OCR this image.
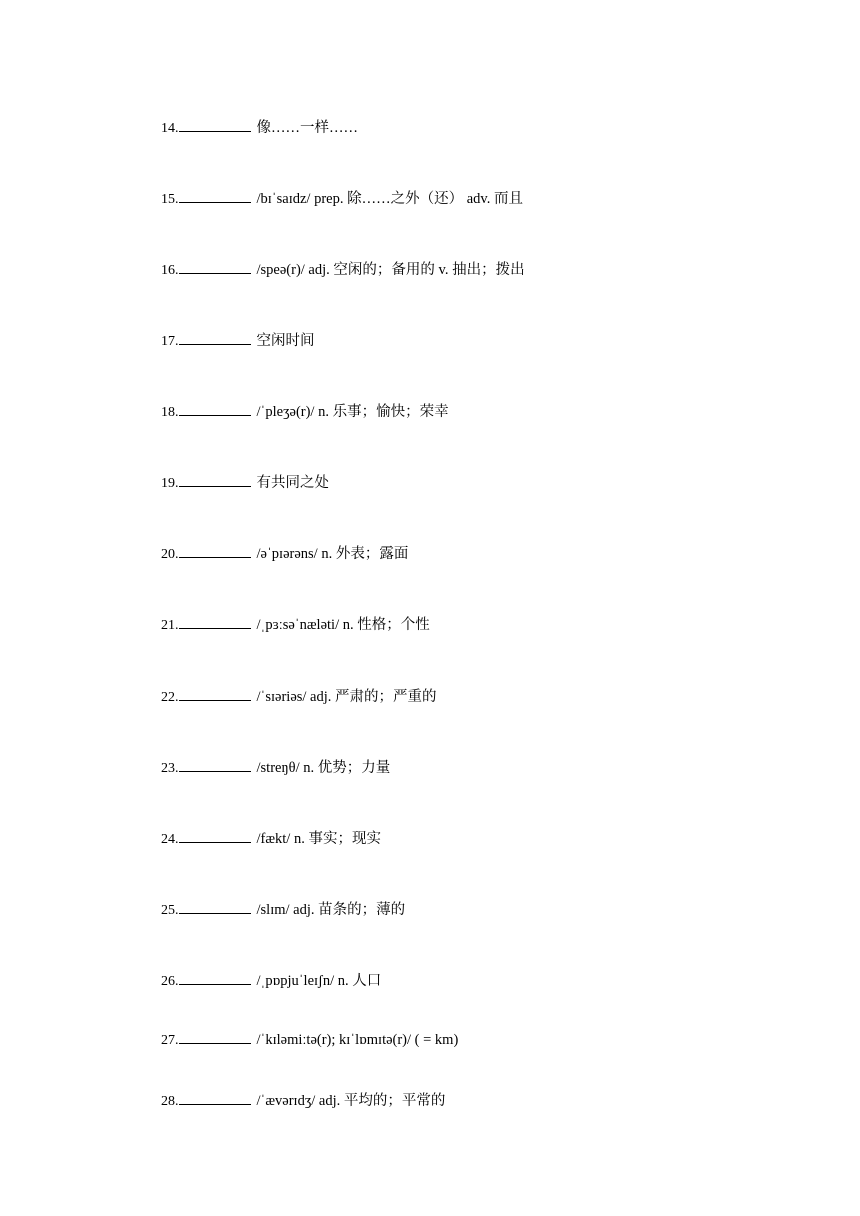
14.	像……一样……
15.	/bɪˈsaɪdz/ prep. 除……之外（还） adv. 而且
16.	/speə(r)/ adj. 空闲的；备用的 v. 抽出；拨出
17.	空闲时间
18.	/ˈpleʒə(r)/ n. 乐事；愉快；荣幸
19.	有共同之处
20.	/əˈpɪərəns/ n. 外表；露面
21.	/ˌpɜːsəˈnæləti/ n. 性格；个性
22.	/ˈsɪəriəs/ adj. 严肃的；严重的
23.	/streŋθ/ n. 优势；力量
24.	/fækt/ n. 事实；现实
25.	/slɪm/ adj. 苗条的；薄的
26.	/ˌpɒpjuˈleɪʃn/ n. 人口
27.	/ˈkɪləmiːtə(r); kɪˈlɒmɪtə(r)/ ( = km)
28.	/ˈævərɪdʒ/ adj. 平均的；平常的
